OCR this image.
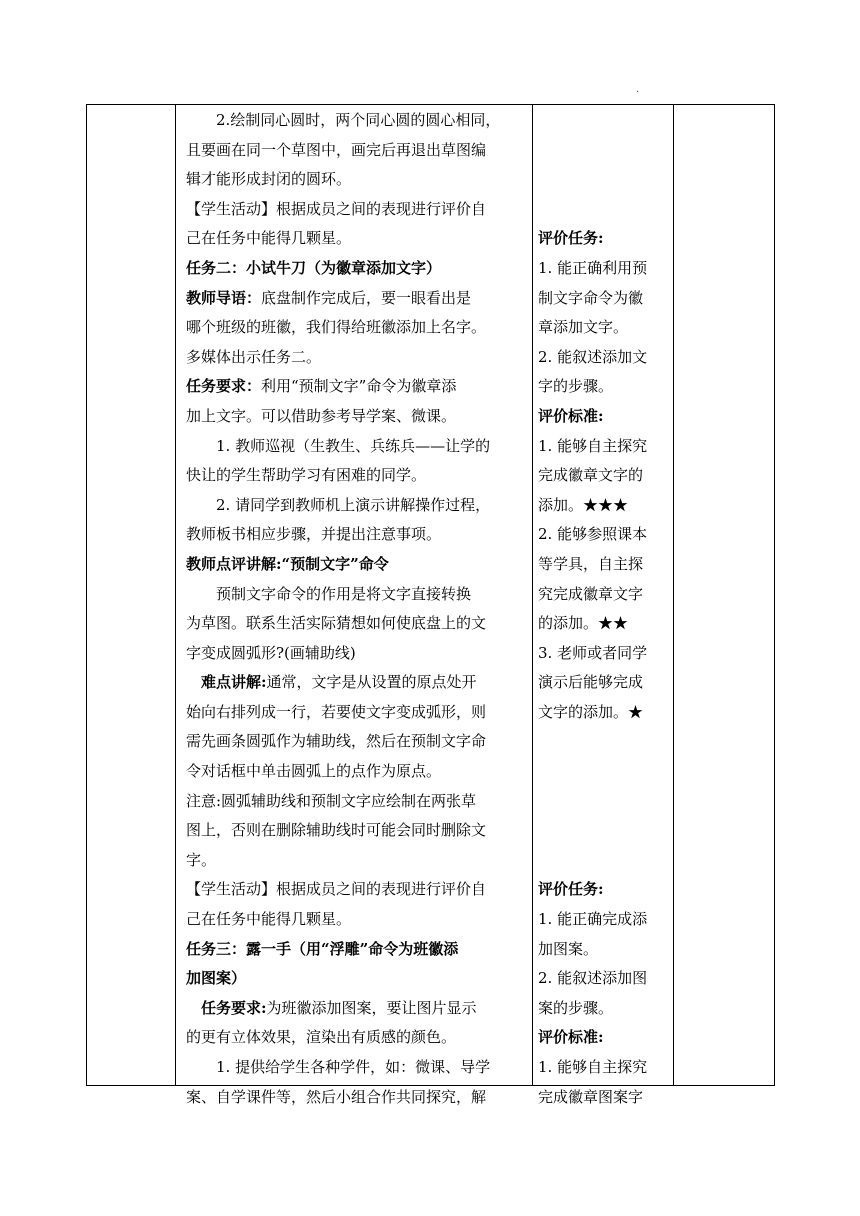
.
2.绘制同心圆时，两个同心圆的圆心相同，
且要画在同一个草图中，画完后再退出草图编
辑才能形成封闭的圆环。
【学生活动】根据成员之间的表现进行评价自
己在任务中能得几颗星。
任务二：小试牛刀（为徽章添加文字）
教师导语：底盘制作完成后，要一眼看出是
哪个班级的班徽，我们得给班徽添加上名字。
多媒体出示任务二。
任务要求：利用“预制文字”命令为徽章添
加上文字。可以借助参考导学案、微课。
1. 教师巡视（生教生、兵练兵——让学的
快让的学生帮助学习有困难的同学。
2. 请同学到教师机上演示讲解操作过程，
教师板书相应步骤，并提出注意事项。
教师点评讲解:“预制文字”命令
预制文字命令的作用是将文字直接转换
为草图。联系生活实际猜想如何使底盘上的文
字变成圆弧形?(画辅助线)
难点讲解:通常，文字是从设置的原点处开
始向右排列成一行，若要使文字变成弧形，则
需先画条圆弧作为辅助线，然后在预制文字命
令对话框中单击圆弧上的点作为原点。
注意:圆弧辅助线和预制文字应绘制在两张草
图上，否则在删除辅助线时可能会同时删除文
字。
【学生活动】根据成员之间的表现进行评价自
己在任务中能得几颗星。
任务三：露一手（用“浮雕”命令为班徽添
加图案）
任务要求:为班徽添加图案，要让图片显示
的更有立体效果，渲染出有质感的颜色。
1. 提供给学生各种学件，如：微课、导学
案、自学课件等，然后小组合作共同探究，解
评价任务:
1. 能正确利用预
制文字命令为徽
章添加文字。
2. 能叙述添加文
字的步骤。
评价标准:
1. 能够自主探究
完成徽章文字的
添加。★★★
2. 能够参照课本
等学具，自主探
究完成徽章文字
的添加。★★
3. 老师或者同学
演示后能够完成
文字的添加。★
评价任务:
1. 能正确完成添
加图案。
2. 能叙述添加图
案的步骤。
评价标准:
1. 能够自主探究
完成徽章图案字
